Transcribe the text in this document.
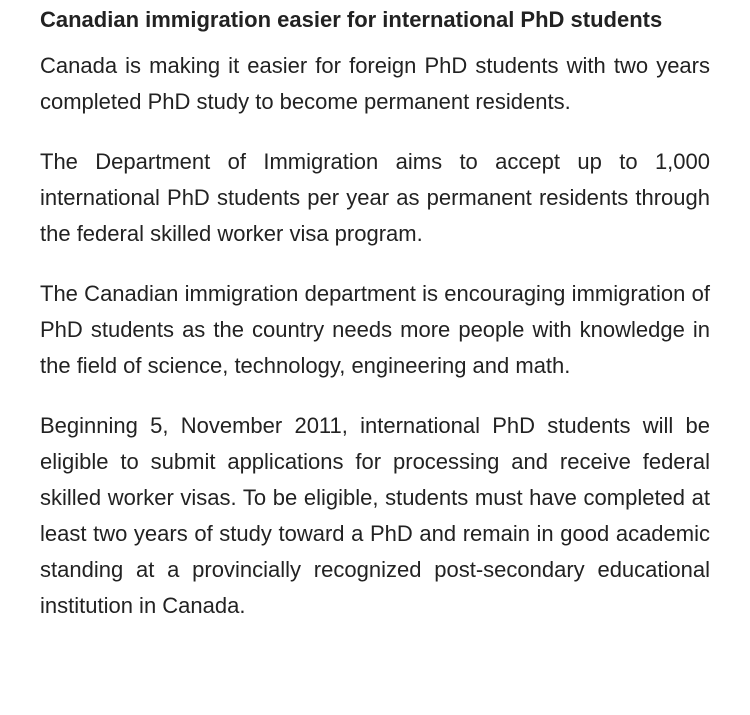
Canadian immigration easier for international PhD students

Canada is making it easier for foreign PhD students with two years completed PhD study to become permanent residents.

The Department of Immigration aims to accept up to 1,000 international PhD students per year as permanent residents through the federal skilled worker visa program.

The Canadian immigration department is encouraging immigration of PhD students as the country needs more people with knowledge in the field of science, technology, engineering and math.

Beginning 5, November 2011, international PhD students will be eligible to submit applications for processing and receive federal skilled worker visas. To be eligible, students must have completed at least two years of study toward a PhD and remain in good academic standing at a provincially recognized post-secondary educational institution in Canada.
